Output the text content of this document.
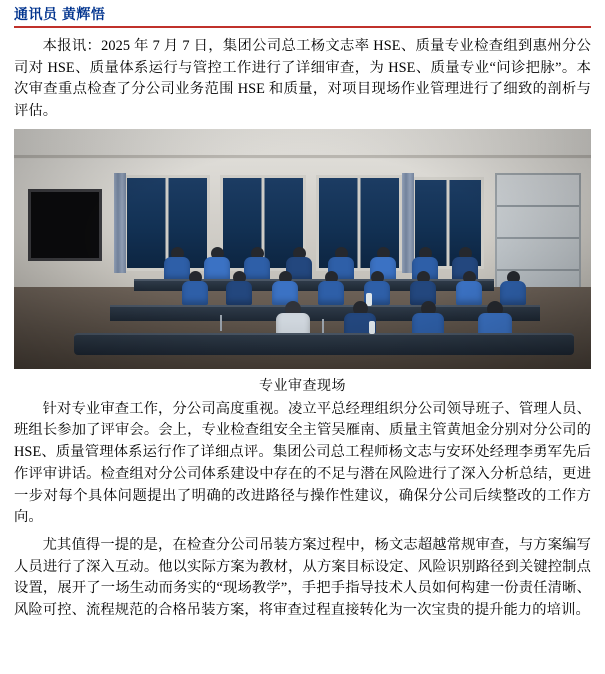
通讯员 黄辉悟

本报讯：2025 年 7 月 7 日，集团公司总工杨文志率 HSE、质量专业检查组到惠州分公司对 HSE、质量体系运行与管控工作进行了详细审查，为 HSE、质量专业“问诊把脉”。本次审查重点检查了分公司业务范围 HSE 和质量，对项目现场作业管理进行了细致的剖析与评估。

专业审查现场

针对专业审查工作，分公司高度重视。凌立平总经理组织分公司领导班子、管理人员、班组长参加了评审会。会上，专业检查组安全主管吴雁南、质量主管黄旭金分别对分公司的 HSE、质量管理体系运行作了详细点评。集团公司总工程师杨文志与安环处经理李勇军先后作评审讲话。检查组对分公司体系建设中存在的不足与潜在风险进行了深入分析总结，更进一步对每个具体问题提出了明确的改进路径与操作性建议，确保分公司后续整改的工作方向。

尤其值得一提的是，在检查分公司吊装方案过程中，杨文志超越常规审查，与方案编写人员进行了深入互动。他以实际方案为教材，从方案目标设定、风险识别路径到关键控制点设置，展开了一场生动而务实的“现场教学”，手把手指导技术人员如何构建一份责任清晰、风险可控、流程规范的合格吊装方案，将审查过程直接转化为一次宝贵的提升能力的培训。
